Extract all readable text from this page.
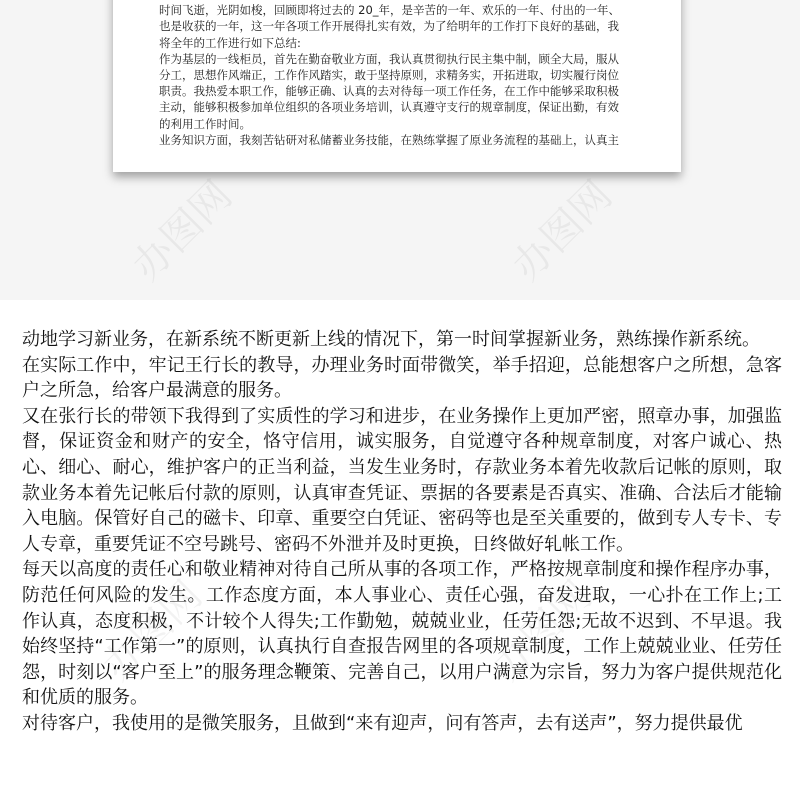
时间飞逝，光阴如梭，回顾即将过去的 20_年，是辛苦的一年、欢乐的一年、付出的一年、

也是收获的一年，这一年各项工作开展得扎实有效，为了给明年的工作打下良好的基础，我

将全年的工作进行如下总结:

作为基层的一线柜员，首先在勤奋敬业方面，我认真贯彻执行民主集中制，顾全大局，服从

分工，思想作风端正，工作作风踏实，敢于坚持原则，求精务实，开拓进取，切实履行岗位

职责。我热爱本职工作，能够正确、认真的去对待每一项工作任务，在工作中能够采取积极

主动，能够积极参加单位组织的各项业务培训，认真遵守支行的规章制度，保证出勤，有效

的利用工作时间。

业务知识方面，我刻苦钻研对私储蓄业务技能，在熟练掌握了原业务流程的基础上，认真主

办图网	办图网

动地学习新业务，在新系统不断更新上线的情况下，第一时间掌握新业务，熟练操作新系统。

在实际工作中，牢记王行长的教导，办理业务时面带微笑，举手招迎，总能想客户之所想，急客户之所急，给客户最满意的服务。

又在张行长的带领下我得到了实质性的学习和进步，在业务操作上更加严密，照章办事，加强监督，保证资金和财产的安全，恪守信用，诚实服务，自觉遵守各种规章制度，对客户诚心、热心、细心、耐心，维护客户的正当利益，当发生业务时，存款业务本着先收款后记帐的原则，取款业务本着先记帐后付款的原则，认真审查凭证、票据的各要素是否真实、准确、合法后才能输入电脑。保管好自己的磁卡、印章、重要空白凭证、密码等也是至关重要的，做到专人专卡、专人专章，重要凭证不空号跳号、密码不外泄并及时更换，日终做好轧帐工作。

每天以高度的责任心和敬业精神对待自己所从事的各项工作，严格按规章制度和操作程序办事，防范任何风险的发生。工作态度方面，本人事业心、责任心强，奋发进取，一心扑在工作上;工作认真，态度积极，不计较个人得失;工作勤勉，兢兢业业，任劳任怨;无故不迟到、不早退。我始终坚持“工作第一”的原则，认真执行自查报告网里的各项规章制度，工作上兢兢业业、任劳任怨，时刻以“客户至上”的服务理念鞭策、完善自己，以用户满意为宗旨，努力为客户提供规范化和优质的服务。

对待客户，我使用的是微笑服务，且做到“来有迎声，问有答声，去有送声”，努力提供最优

办图网	办图网
